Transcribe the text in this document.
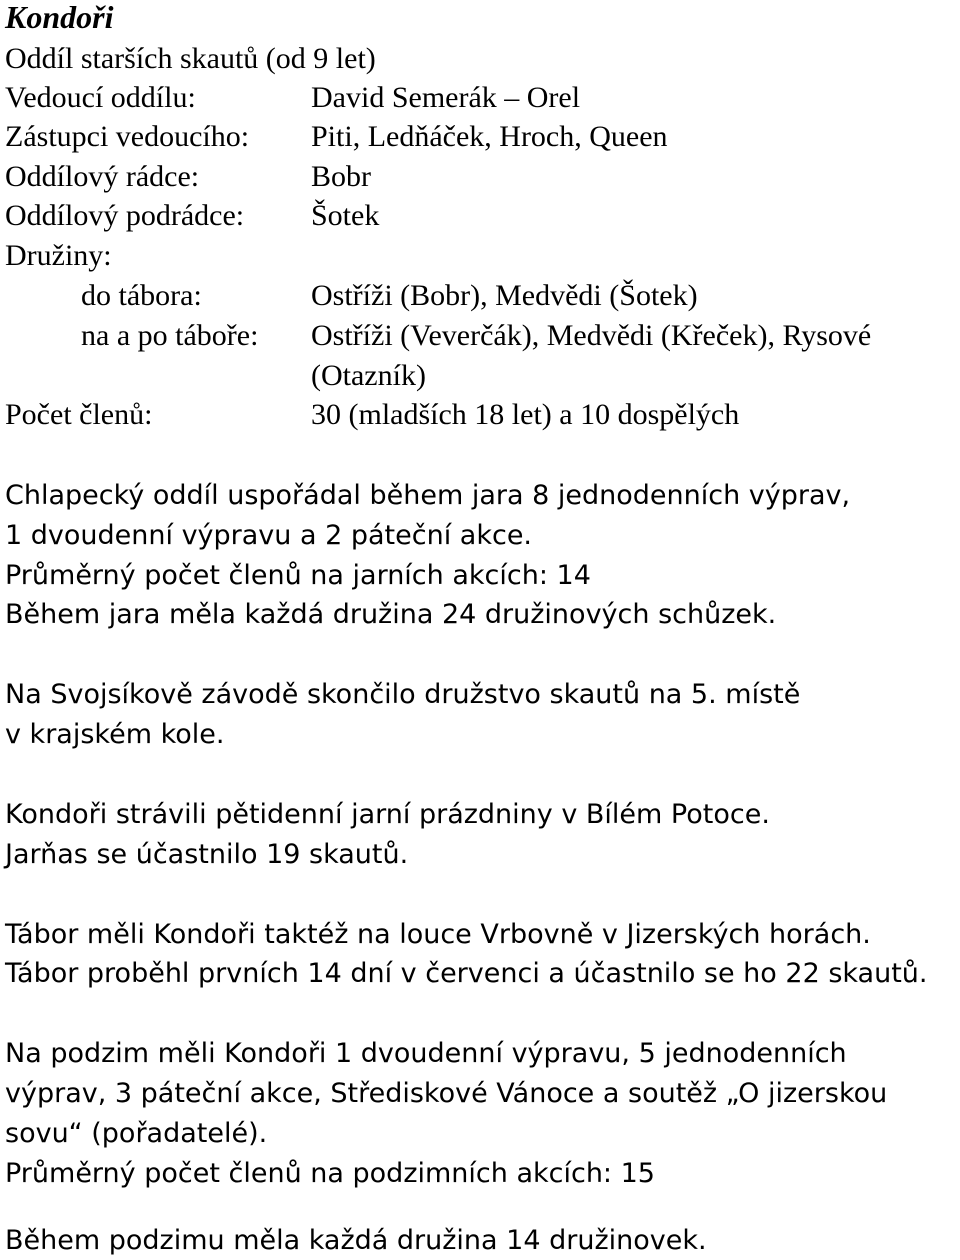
Kondoři
Oddíl starších skautů (od 9 let)
Vedoucí oddílu:	David Semerák – Orel
Zástupci vedoucího: Piti, Ledňáček, Hroch, Queen
Oddílový rádce:	Bobr
Oddílový podrádce: Šotek
Družiny:
do tábora:	Ostříži (Bobr), Medvědi (Šotek)
na a po táboře: Ostříži (Veverčák), Medvědi (Křeček), Rysové
(Otazník)
Počet členů:	30 (mladších 18 let) a 10 dospělých
Chlapecký oddíl uspořádal během jara 8 jednodenních výprav,
1 dvoudenní výpravu a 2 páteční akce.
Průměrný počet členů na jarních akcích: 14
Během jara měla každá družina 24 družinových schůzek.
Na Svojsíkově závodě skončilo družstvo skautů na 5. místě
v krajském kole.
Kondoři strávili pětidenní jarní prázdniny v Bílém Potoce.
Jarňas se účastnilo 19 skautů.
Tábor měli Kondoři taktéž na louce Vrbovně v Jizerských horách.
Tábor proběhl prvních 14 dní v červenci a účastnilo se ho 22 skautů.
Na podzim měli Kondoři 1 dvoudenní výpravu, 5 jednodenních
výprav, 3 páteční akce, Střediskové Vánoce a soutěž „O jizerskou
sovu“ (pořadatelé).
Průměrný počet členů na podzimních akcích: 15
Během podzimu měla každá družina 14 družinovek.
